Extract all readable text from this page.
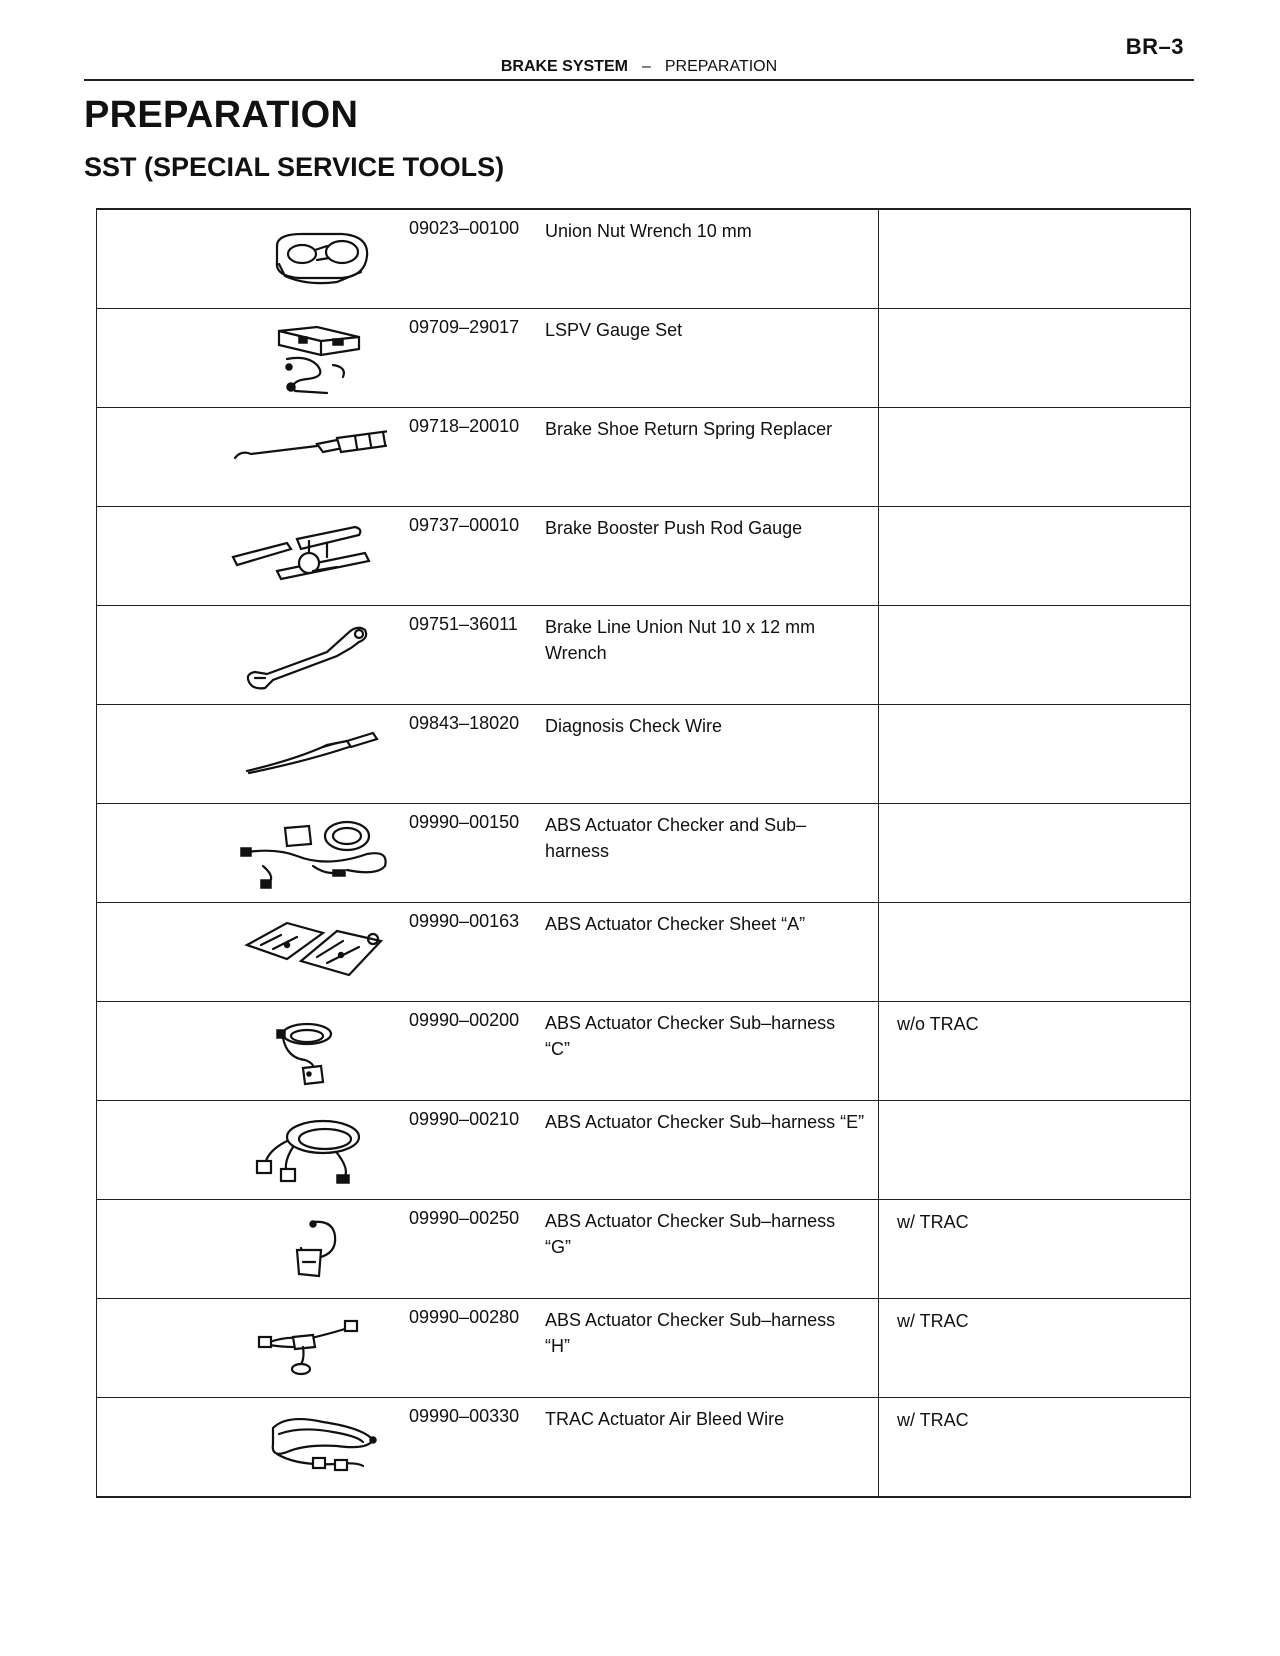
BR–3
BRAKE SYSTEM – PREPARATION
PREPARATION
SST (SPECIAL SERVICE TOOLS)
09023–00100 Union Nut Wrench 10 mm	

09709–29017 LSPV Gauge Set	

09718–20010 Brake Shoe Return Spring Replacer	

09737–00010 Brake Booster Push Rod Gauge	

09751–36011 Brake Line Union Nut 10 x 12 mm Wrench	

09843–18020 Diagnosis Check Wire	

09990–00150 ABS Actuator Checker and Sub–harness	

09990–00163 ABS Actuator Checker Sheet “A”	

09990–00200 ABS Actuator Checker Sub–harness “C”	w/o TRAC

09990–00210 ABS Actuator Checker Sub–harness “E”	

09990–00250 ABS Actuator Checker Sub–harness “G”	w/ TRAC

09990–00280 ABS Actuator Checker Sub–harness “H”	w/ TRAC

09990–00330 TRAC Actuator Air Bleed Wire	w/ TRAC
